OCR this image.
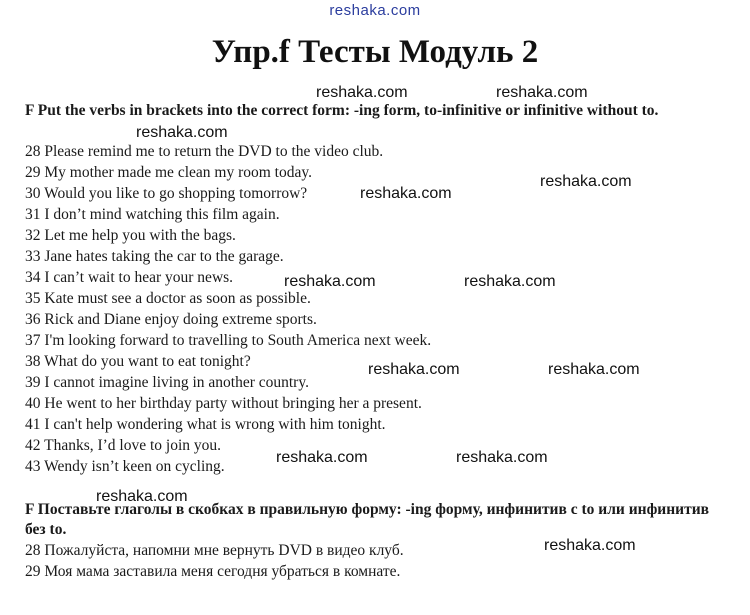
reshaka.com
Упр.f Тесты Модуль 2
F Put the verbs in brackets into the correct form: -ing form, to-infinitive or infinitive without to.
28 Please remind me to return the DVD to the video club.
29 My mother made me clean my room today.
30 Would you like to go shopping tomorrow?
31 I don’t mind watching this film again.
32 Let me help you with the bags.
33 Jane hates taking the car to the garage.
34 I can’t wait to hear your news.
35 Kate must see a doctor as soon as possible.
36 Rick and Diane enjoy doing extreme sports.
37 I'm looking forward to travelling to South America next week.
38 What do you want to eat tonight?
39 I cannot imagine living in another country.
40 He went to her birthday party without bringing her a present.
41 I can't help wondering what is wrong with him tonight.
42 Thanks, I’d love to join you.
43 Wendy isn’t keen on cycling.
F Поставьте глаголы в скобках в правильную форму: -ing форму, инфинитив с to или инфинитив без to.
28 Пожалуйста, напомни мне вернуть DVD в видео клуб.
29 Моя мама заставила меня сегодня убраться в комнате.
reshaka.com	reshaka.com
reshaka.com
reshaka.com
reshaka.com
reshaka.com	reshaka.com
reshaka.com	reshaka.com
reshaka.com	reshaka.com
reshaka.com
reshaka.com
